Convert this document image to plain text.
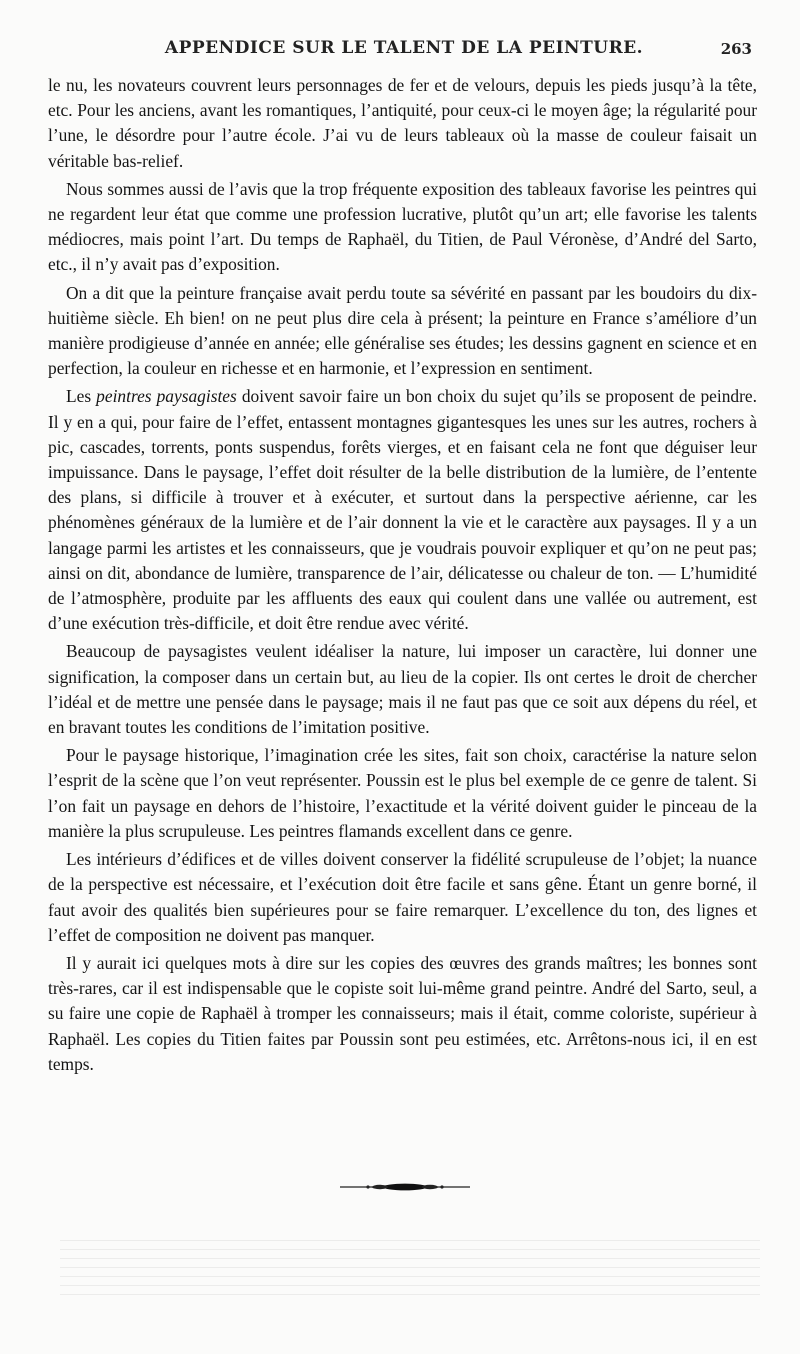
APPENDICE SUR LE TALENT DE LA PEINTURE.	263

le nu, les novateurs couvrent leurs personnages de fer et de velours, depuis les pieds jusqu’à la tête, etc. Pour les anciens, avant les romantiques, l’antiquité, pour ceux-ci le moyen âge; la régularité pour l’une, le désordre pour l’autre école. J’ai vu de leurs tableaux où la masse de couleur faisait un véritable bas-relief.

Nous sommes aussi de l’avis que la trop fréquente exposition des tableaux favorise les peintres qui ne regardent leur état que comme une profession lucrative, plutôt qu’un art; elle favorise les talents médiocres, mais point l’art. Du temps de Raphaël, du Titien, de Paul Véronèse, d’André del Sarto, etc., il n’y avait pas d’exposition.

On a dit que la peinture française avait perdu toute sa sévérité en passant par les boudoirs du dix-huitième siècle. Eh bien! on ne peut plus dire cela à présent; la peinture en France s’améliore d’un manière prodigieuse d’année en année; elle généralise ses études; les dessins gagnent en science et en perfection, la couleur en richesse et en harmonie, et l’expression en sentiment.

Les peintres paysagistes doivent savoir faire un bon choix du sujet qu’ils se proposent de peindre. Il y en a qui, pour faire de l’effet, entassent montagnes gigantesques les unes sur les autres, rochers à pic, cascades, torrents, ponts suspendus, forêts vierges, et en faisant cela ne font que déguiser leur impuissance. Dans le paysage, l’effet doit résulter de la belle distribution de la lumière, de l’entente des plans, si difficile à trouver et à exécuter, et surtout dans la perspective aérienne, car les phénomènes généraux de la lumière et de l’air donnent la vie et le caractère aux paysages. Il y a un langage parmi les artistes et les connaisseurs, que je voudrais pouvoir expliquer et qu’on ne peut pas; ainsi on dit, abondance de lumière, transparence de l’air, délicatesse ou chaleur de ton. — L’humidité de l’atmosphère, produite par les affluents des eaux qui coulent dans une vallée ou autrement, est d’une exécution très-difficile, et doit être rendue avec vérité.

Beaucoup de paysagistes veulent idéaliser la nature, lui imposer un caractère, lui donner une signification, la composer dans un certain but, au lieu de la copier. Ils ont certes le droit de chercher l’idéal et de mettre une pensée dans le paysage; mais il ne faut pas que ce soit aux dépens du réel, et en bravant toutes les conditions de l’imitation positive.

Pour le paysage historique, l’imagination crée les sites, fait son choix, caractérise la nature selon l’esprit de la scène que l’on veut représenter. Poussin est le plus bel exemple de ce genre de talent. Si l’on fait un paysage en dehors de l’histoire, l’exactitude et la vérité doivent guider le pinceau de la manière la plus scrupuleuse. Les peintres flamands excellent dans ce genre.

Les intérieurs d’édifices et de villes doivent conserver la fidélité scrupuleuse de l’objet; la nuance de la perspective est nécessaire, et l’exécution doit être facile et sans gêne. Étant un genre borné, il faut avoir des qualités bien supérieures pour se faire remarquer. L’excellence du ton, des lignes et l’effet de composition ne doivent pas manquer.

Il y aurait ici quelques mots à dire sur les copies des œuvres des grands maîtres; les bonnes sont très-rares, car il est indispensable que le copiste soit lui-même grand peintre. André del Sarto, seul, a su faire une copie de Raphaël à tromper les connaisseurs; mais il était, comme coloriste, supérieur à Raphaël. Les copies du Titien faites par Poussin sont peu estimées, etc. Arrêtons-nous ici, il en est temps.
